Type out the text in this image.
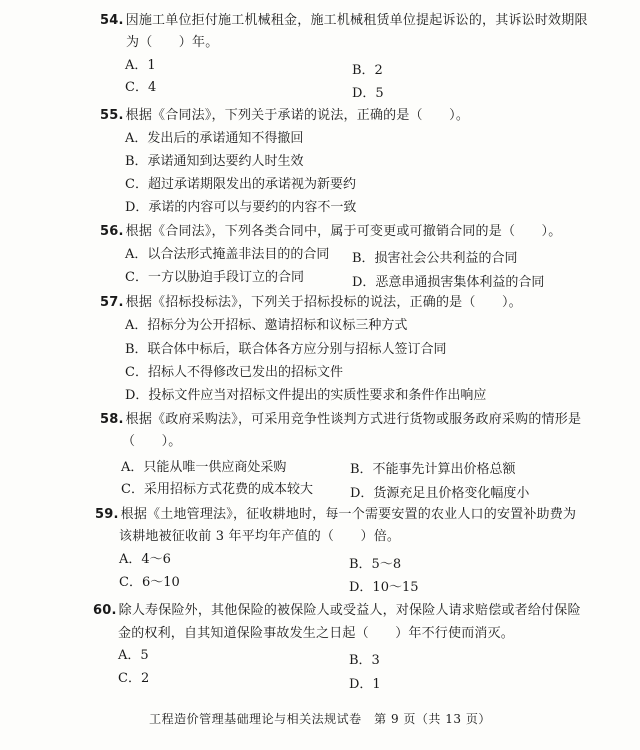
54. 因施工单位拒付施工机械租金，施工机械租赁单位提起诉讼的，其诉讼时效期限
为（　　）年。
A．1	B．2
C．4	D．5
55. 根据《合同法》，下列关于承诺的说法，正确的是（　　）。
A．发出后的承诺通知不得撤回
B．承诺通知到达要约人时生效
C．超过承诺期限发出的承诺视为新要约
D．承诺的内容可以与要约的内容不一致
56. 根据《合同法》，下列各类合同中，属于可变更或可撤销合同的是（　　）。
A．以合法形式掩盖非法目的的合同 B．损害社会公共利益的合同
C．一方以胁迫手段订立的合同	D．恶意串通损害集体利益的合同
57. 根据《招标投标法》，下列关于招标投标的说法，正确的是（　　）。
A．招标分为公开招标、邀请招标和议标三种方式
B．联合体中标后，联合体各方应分别与招标人签订合同
C．招标人不得修改已发出的招标文件
D．投标文件应当对招标文件提出的实质性要求和条件作出响应
58. 根据《政府采购法》，可采用竞争性谈判方式进行货物或服务政府采购的情形是
（　　）。
A．只能从唯一供应商处采购	B．不能事先计算出价格总额
C．采用招标方式花费的成本较大	D．货源充足且价格变化幅度小
59. 根据《土地管理法》，征收耕地时，每一个需要安置的农业人口的安置补助费为
该耕地被征收前 3 年平均年产值的（　　）倍。
A．4～6	B．5～8
C．6～10	D．10～15
60. 除人寿保险外，其他保险的被保险人或受益人，对保险人请求赔偿或者给付保险
金的权利，自其知道保险事故发生之日起（　　）年不行使而消灭。
A．5	B．3
C．2	D．1
工程造价管理基础理论与相关法规试卷　第 9 页（共 13 页）
